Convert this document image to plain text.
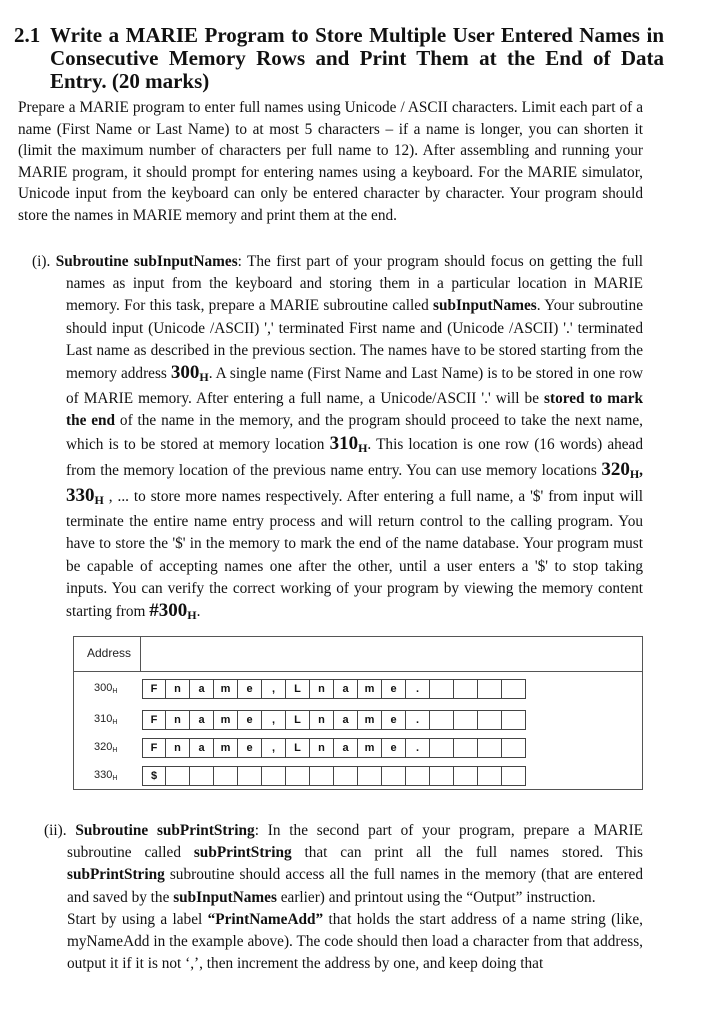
2.1 Write a MARIE Program to Store Multiple User Entered Names in Consecutive Memory Rows and Print Them at the End of Data Entry. (20 marks)
Prepare a MARIE program to enter full names using Unicode / ASCII characters. Limit each part of a name (First Name or Last Name) to at most 5 characters – if a name is longer, you can shorten it (limit the maximum number of characters per full name to 12). After assembling and running your MARIE program, it should prompt for entering names using a keyboard. For the MARIE simulator, Unicode input from the keyboard can only be entered character by character. Your program should store the names in MARIE memory and print them at the end.
(i). Subroutine subInputNames: The first part of your program should focus on getting the full names as input from the keyboard and storing them in a particular location in MARIE memory. For this task, prepare a MARIE subroutine called subInputNames. Your subroutine should input (Unicode /ASCII) ',' terminated First name and (Unicode /ASCII) '.' terminated Last name as described in the previous section. The names have to be stored starting from the memory address 300H. A single name (First Name and Last Name) is to be stored in one row of MARIE memory. After entering a full name, a Unicode/ASCII '.' will be stored to mark the end of the name in the memory, and the program should proceed to take the next name, which is to be stored at memory location 310H. This location is one row (16 words) ahead from the memory location of the previous name entry. You can use memory locations 320H, 330H , ... to store more names respectively. After entering a full name, a '$' from input will terminate the entire name entry process and will return control to the calling program. You have to store the '$' in the memory to mark the end of the name database. Your program must be capable of accepting names one after the other, until a user enters a '$' to stop taking inputs. You can verify the correct working of your program by viewing the memory content starting from #300H.
Address
$300_H$	F	n	a	m	e	,	L	n	a	m	e	.
$310_H$	F	n	a	m	e	,	L	n	a	m	e	.
$320_H$	F	n	a	m	e	,	L	n	a	m	e	.
$330_H$	$
(ii). Subroutine subPrintString: In the second part of your program, prepare a MARIE subroutine called subPrintString that can print all the full names stored. This subPrintString subroutine should access all the full names in the memory (that are entered and saved by the subInputNames earlier) and printout using the “Output” instruction.
Start by using a label “PrintNameAdd” that holds the start address of a name string (like, myNameAdd in the example above). The code should then load a character from that address, output it if it is not ‘,’, then increment the address by one, and keep doing that
